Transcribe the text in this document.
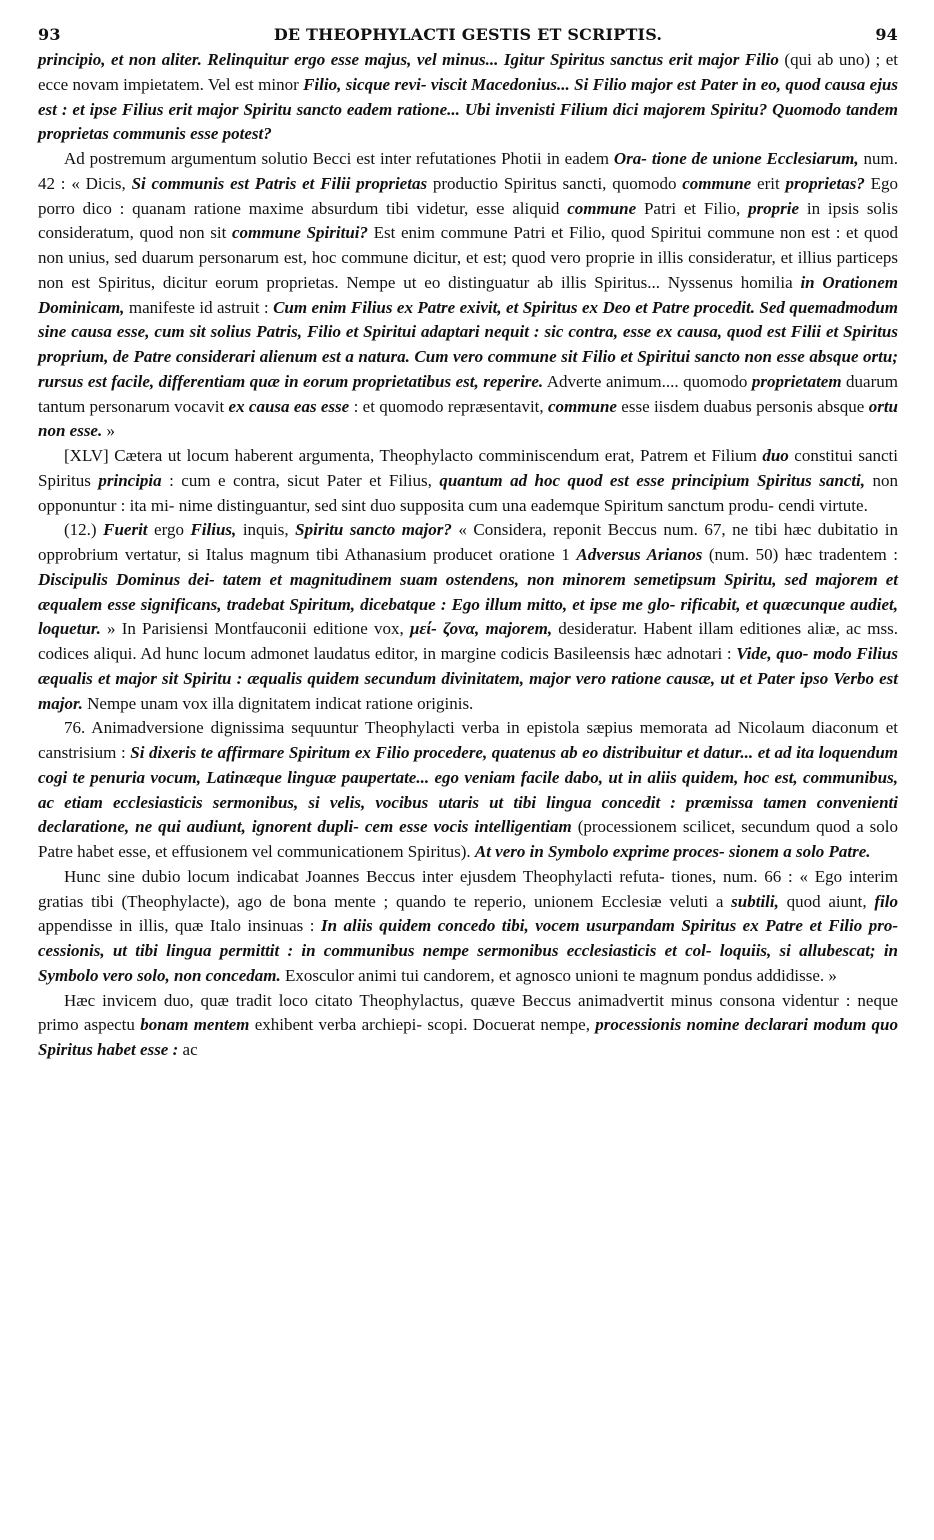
93	DE THEOPHYLACTI GESTIS ET SCRIPTIS.	94

principio, et non aliter. Relinquitur ergo esse majus, vel minus... Igitur Spiritus sanctus erit major Filio (qui ab uno) ; et ecce novam impietatem. Vel est minor Filio, sicque revi- viscit Macedonius... Si Filio major est Pater in eo, quod causa ejus est : et ipse Filius erit major Spiritu sancto eadem ratione... Ubi invenisti Filium dici majorem Spiritu? Quomodo tandem proprietas communis esse potest?

Ad postremum argumentum solutio Becci est inter refutationes Photii in eadem Ora- tione de unione Ecclesiarum, num. 42 : « Dicis, Si communis est Patris et Filii proprietas productio Spiritus sancti, quomodo commune erit proprietas? Ego porro dico : quanam ratione maxime absurdum tibi videtur, esse aliquid commune Patri et Filio, proprie in ipsis solis consideratum, quod non sit commune Spiritui? Est enim commune Patri et Filio, quod Spiritui commune non est : et quod non unius, sed duarum personarum est, hoc commune dicitur, et est; quod vero proprie in illis consideratur, et illius particeps non est Spiritus, dicitur eorum proprietas. Nempe ut eo distinguatur ab illis Spiritus... Nyssenus homilia in Orationem Dominicam, manifeste id astruit : Cum enim Filius ex Patre exivit, et Spiritus ex Deo et Patre procedit. Sed quemadmodum sine causa esse, cum sit solius Patris, Filio et Spiritui adaptari nequit : sic contra, esse ex causa, quod est Filii et Spiritus proprium, de Patre considerari alienum est a natura. Cum vero commune sit Filio et Spiritui sancto non esse absque ortu; rursus est facile, differentiam quæ in eorum proprietatibus est, reperire. Adverte animum.... quomodo proprietatem duarum tantum personarum vocavit ex causa eas esse : et quomodo repræsentavit, commune esse iisdem duabus personis absque ortu non esse. »

[XLV] Cætera ut locum haberent argumenta, Theophylacto comminiscendum erat, Patrem et Filium duo constitui sancti Spiritus principia : cum e contra, sicut Pater et Filius, quantum ad hoc quod est esse principium Spiritus sancti, non opponuntur : ita mi- nime distinguantur, sed sint duo supposita cum una eademque Spiritum sanctum produ- cendi virtute.

(12.) Fuerit ergo Filius, inquis, Spiritu sancto major? « Considera, reponit Beccus num. 67, ne tibi hæc dubitatio in opprobrium vertatur, si Italus magnum tibi Athanasium producet oratione 1 Adversus Arianos (num. 50) hæc tradentem : Discipulis Dominus dei- tatem et magnitudinem suam ostendens, non minorem semetipsum Spiritu, sed majorem et æqualem esse significans, tradebat Spiritum, dicebatque : Ego illum mitto, et ipse me glo- rificabit, et quæcunque audiet, loquetur. » In Parisiensi Montfauconii editione vox, μεί- ζονα, majorem, desideratur. Habent illam editiones aliæ, ac mss. codices aliqui. Ad hunc locum admonet laudatus editor, in margine codicis Basileensis hæc adnotari : Vide, quo- modo Filius æqualis et major sit Spiritu : æqualis quidem secundum divinitatem, major vero ratione causæ, ut et Pater ipso Verbo est major. Nempe unam vox illa dignitatem indicat ratione originis.

76. Animadversione dignissima sequuntur Theophylacti verba in epistola sæpius memorata ad Nicolaum diaconum et canstrisium : Si dixeris te affirmare Spiritum ex Filio procedere, quatenus ab eo distribuitur et datur... et ad ita loquendum cogi te penuria vocum, Latinæque linguæ paupertate... ego veniam facile dabo, ut in aliis quidem, hoc est, communibus, ac etiam ecclesiasticis sermonibus, si velis, vocibus utaris ut tibi lingua concedit : præmissa tamen convenienti declaratione, ne qui audiunt, ignorent dupli- cem esse vocis intelligentiam (processionem scilicet, secundum quod a solo Patre habet esse, et effusionem vel communicationem Spiritus). At vero in Symbolo exprime proces- sionem a solo Patre.

Hunc sine dubio locum indicabat Joannes Beccus inter ejusdem Theophylacti refuta- tiones, num. 66 : « Ego interim gratias tibi (Theophylacte), ago de bona mente ; quando te reperio, unionem Ecclesiæ veluti a subtili, quod aiunt, filo appendisse in illis, quæ Italo insinuas : In aliis quidem concedo tibi, vocem usurpandam Spiritus ex Patre et Filio pro- cessionis, ut tibi lingua permittit : in communibus nempe sermonibus ecclesiasticis et col- loquiis, si allubescat; in Symbolo vero solo, non concedam. Exosculor animi tui candorem, et agnosco unioni te magnum pondus addidisse. »

Hæc invicem duo, quæ tradit loco citato Theophylactus, quæve Beccus animadvertit minus consona videntur : neque primo aspectu bonam mentem exhibent verba archiepi- scopi. Docuerat nempe, processionis nomine declarari modum quo Spiritus habet esse : ac
